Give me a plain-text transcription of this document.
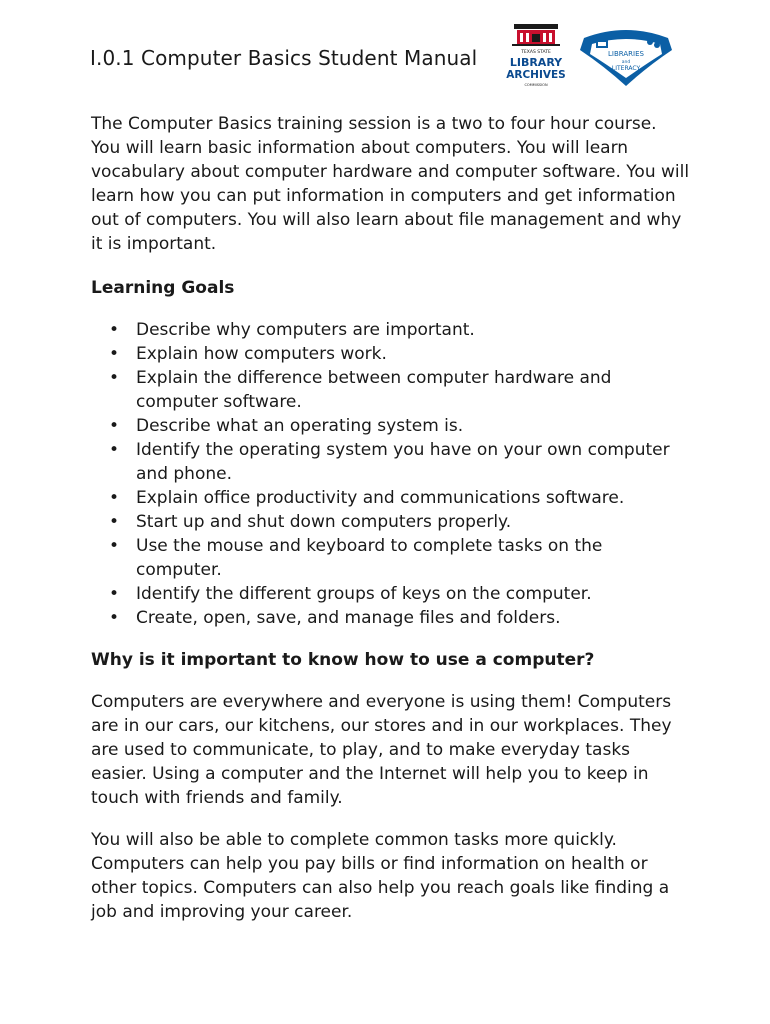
I.0.1 Computer Basics Student Manual	TEXAS STATE
LIBRARY
ARCHIVES
COMMISSION
LIBRARIES
and
LITERACY

The Computer Basics training session is a two to four hour course. You will learn basic information about computers. You will learn vocabulary about computer hardware and computer software. You will learn how you can put information in computers and get information out of computers. You will also learn about file management and why it is important.

Learning Goals

• Describe why computers are important.
• Explain how computers work.
• Explain the difference between computer hardware and computer software.
• Describe what an operating system is.
• Identify the operating system you have on your own computer and phone.
• Explain office productivity and communications software.
• Start up and shut down computers properly.
• Use the mouse and keyboard to complete tasks on the computer.
• Identify the different groups of keys on the computer.
• Create, open, save, and manage files and folders.

Why is it important to know how to use a computer?

Computers are everywhere and everyone is using them! Computers are in our cars, our kitchens, our stores and in our workplaces. They are used to communicate, to play, and to make everyday tasks easier. Using a computer and the Internet will help you to keep in touch with friends and family.

You will also be able to complete common tasks more quickly. Computers can help you pay bills or find information on health or other topics. Computers can also help you reach goals like finding a job and improving your career.
